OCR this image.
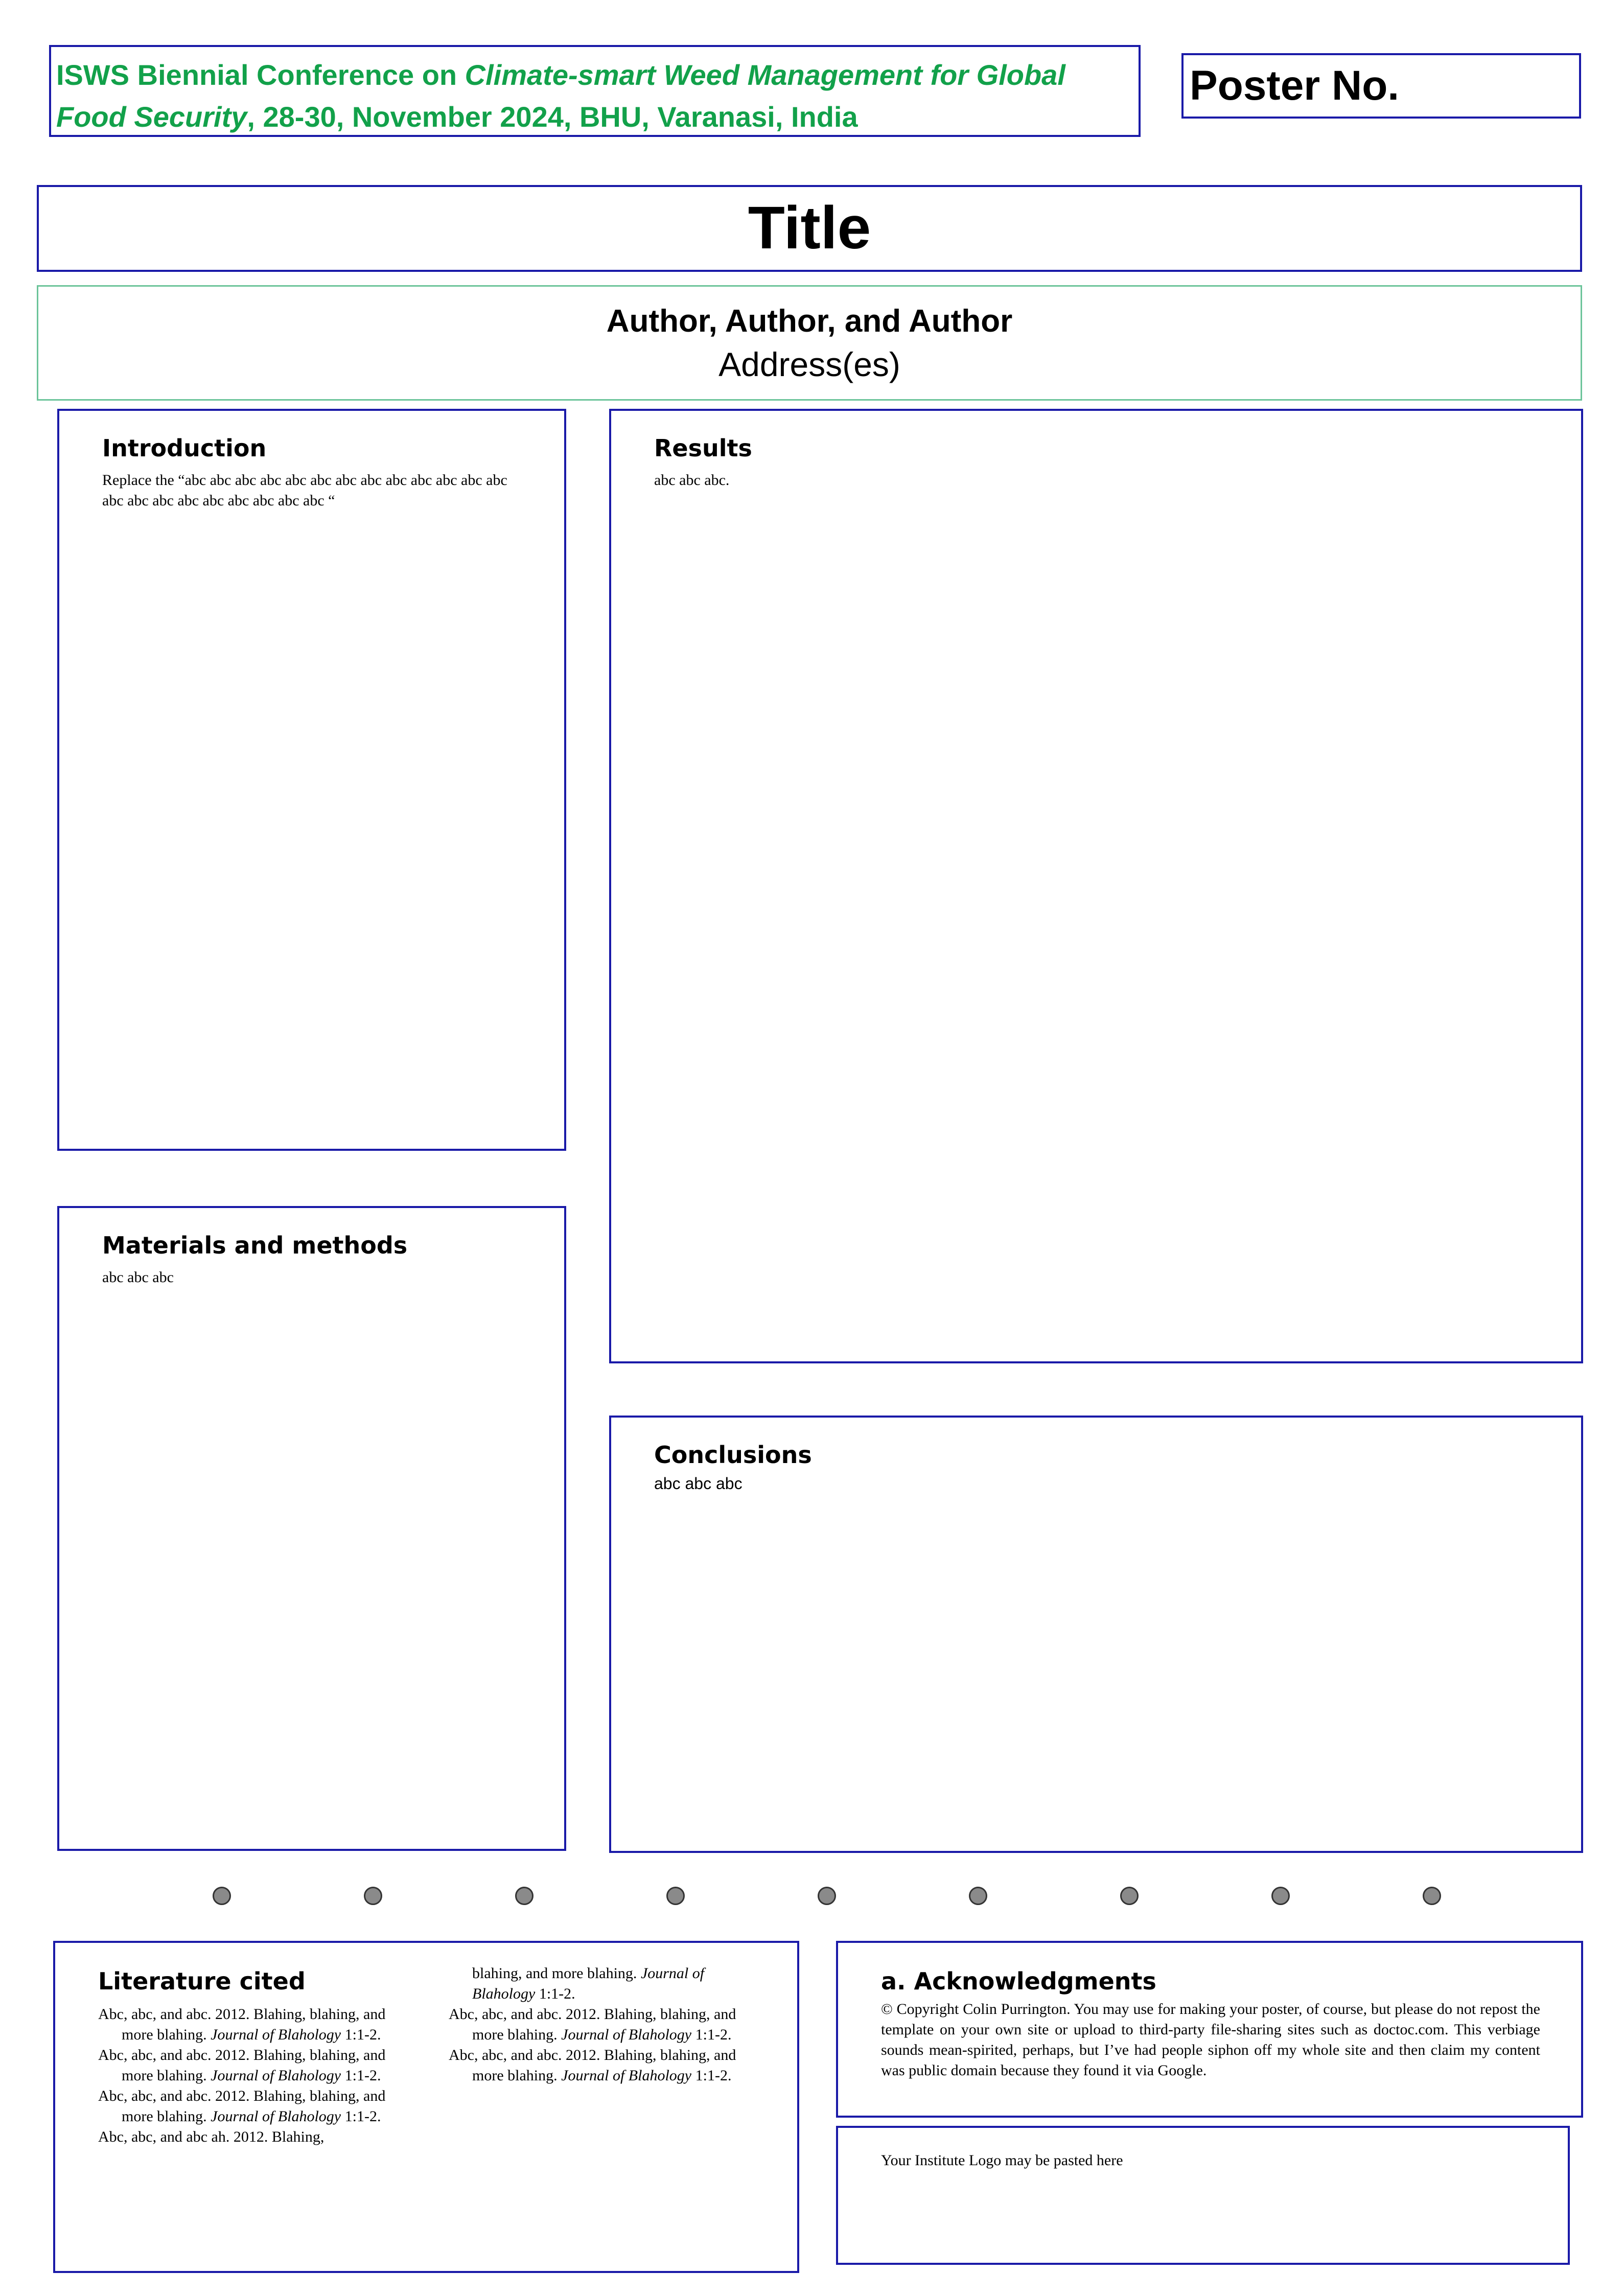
ISWS Biennial Conference on Climate-smart Weed Management for Global
Food Security, 28-30, November 2024, BHU, Varanasi, India
Poster No.
Title
Author, Author, and Author
Address(es)
Introduction
Replace the “abc abc abc abc abc abc abc abc abc abc abc abc abc abc abc abc abc abc abc abc abc abc “
Results
abc abc abc.
Materials and methods
abc abc abc
Conclusions
abc abc abc
Literature cited

Abc, abc, and abc. 2012. Blahing, blahing, and more blahing. Journal of Blahology 1:1-2.

Abc, abc, and abc. 2012. Blahing, blahing, and more blahing. Journal of Blahology 1:1-2.

Abc, abc, and abc. 2012. Blahing, blahing, and more blahing. Journal of Blahology 1:1-2.

Abc, abc, and abc ah. 2012. Blahing,

blahing, and more blahing. Journal of Blahology 1:1-2.

Abc, abc, and abc. 2012. Blahing, blahing, and more blahing. Journal of Blahology 1:1-2.

Abc, abc, and abc. 2012. Blahing, blahing, and more blahing. Journal of Blahology 1:1-2.

a. Acknowledgments
© Copyright Colin Purrington. You may use for making your poster, of course, but please do not repost the template on your own site or upload to third-party file-sharing sites such as doctoc.com. This verbiage sounds mean-spirited, perhaps, but I’ve had people siphon off my whole site and then claim my content was public domain because they found it via Google.
Your Institute Logo may be pasted here
